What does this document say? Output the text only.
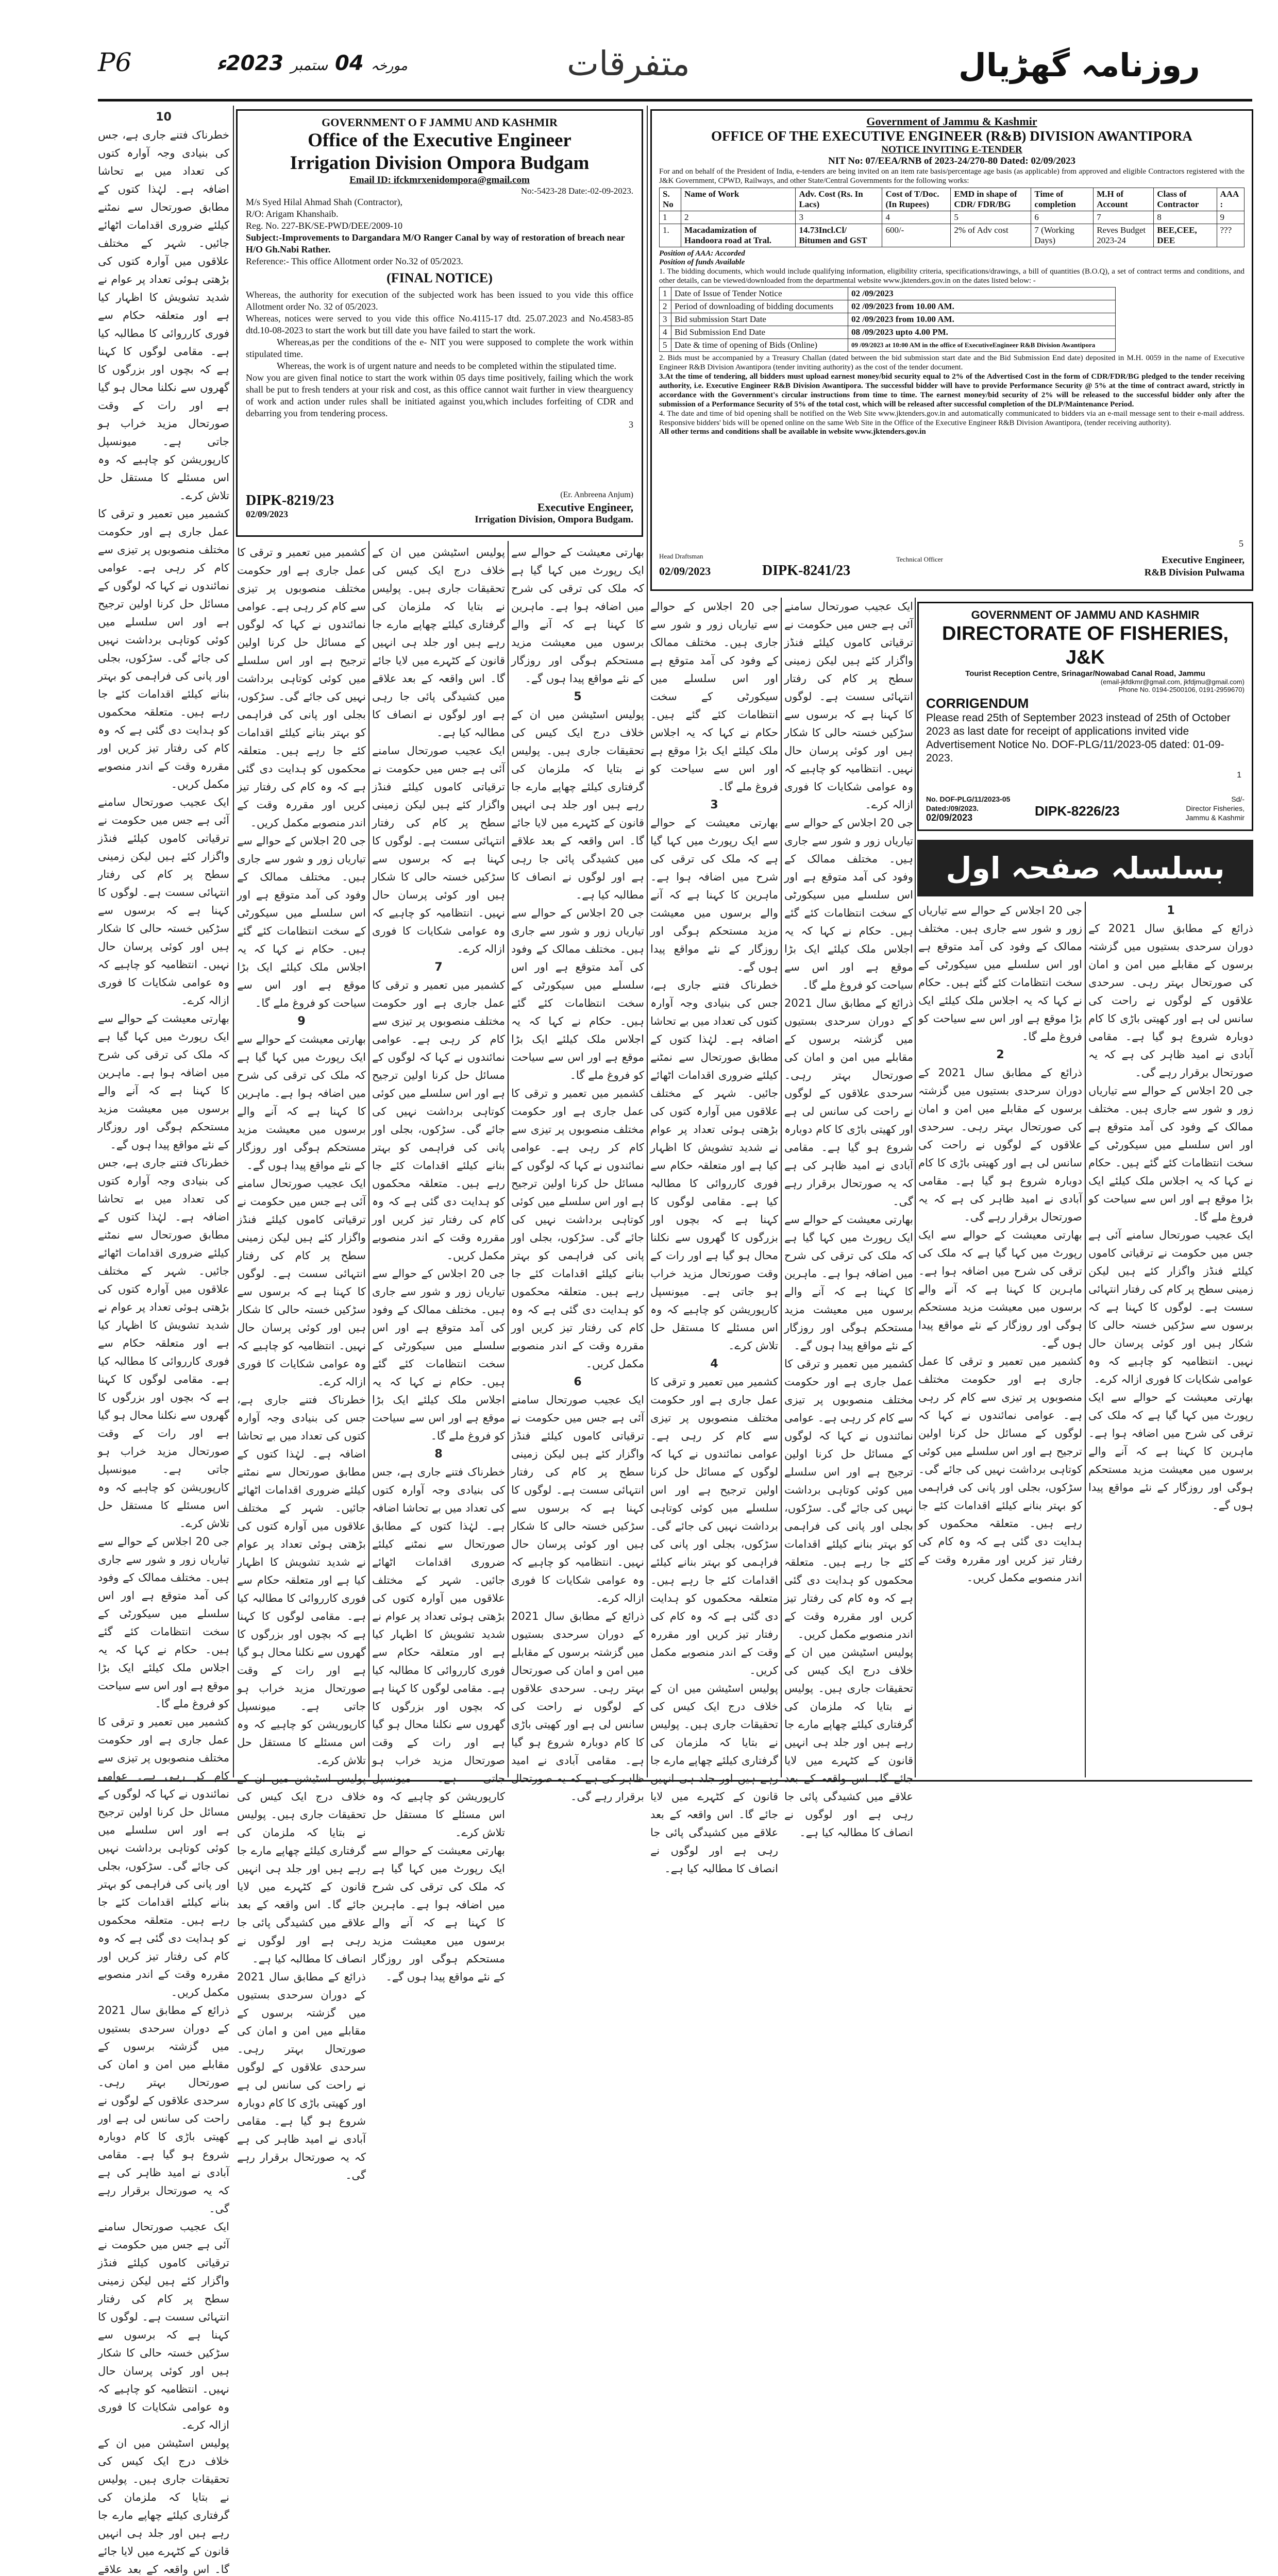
P6	مورخہ 04 ستمبر 2023ء	متفرقات	روزنامہ گھڑیال
GOVERNMENT O F JAMMU AND KASHMIR
Office of the Executive Engineer
Irrigation Division Ompora Budgam
Email ID: ifckmrxenidompora@gmail.com
No:-5423-28 Date:-02-09-2023.
M/s Syed Hilal Ahmad Shah (Contractor),
R/O: Arigam Khanshaib.
Reg. No. 227-BK/SE-PWD/DEE/2009-10
Subject:-Improvements to Dargandara M/O Ranger Canal by way of restoration of breach near H/O Gh.Nabi Rather.
Reference:- This office Allotment order No.32 of 05/2023.
(FINAL NOTICE)
Whereas, the authority for execution of the subjected work has been issued to you vide this office Allotment order No. 32 of 05/2023.
Whereas, notices were served to you vide this office No.4115-17 dtd. 25.07.2023 and No.4583-85 dtd.10-08-2023 to start the work but till date you have failed to start the work.
Whereas,as per the conditions of the e- NIT you were supposed to complete the work within stipulated time.
Whereas, the work is of urgent nature and needs to be completed within the stipulated time.
Now you are given final notice to start the work within 05 days time positively, failing which the work shall be put to fresh tenders at your risk and cost, as this office cannot wait further in view thearguency of work and action under rules shall be initiated against you,which includes forfeiting of CDR and debarring you from tendering process.
3
(Er. Anbreena Anjum)
Executive Engineer,
Irrigation Division, Ompora Budgam.
DIPK-8219/23
02/09/2023
Government of Jammu & Kashmir
OFFICE OF THE EXECUTIVE ENGINEER (R&B) DIVISION AWANTIPORA
NOTICE INVITING E-TENDER
NIT No: 07/EEA/RNB of 2023-24/270-80 Dated: 02/09/2023
For and on behalf of the President of India, e-tenders are being invited on an item rate basis/percentage age basis (as applicable) from approved and eligible Contractors registered with the J&K Government, CPWD, Railways, and other State/Central Governments for the following works:
S. No	Name of Work	Adv. Cost (Rs. In Lacs)	Cost of T/Doc. (In Rupees)	EMD in shape of CDR/ FDR/BG	Time of completion	M.H of Account	Class of Contractor	AAA :
1	2	3	4	5	6	7	8	9
1.	Macadamization of Handoora road at Tral.	14.73Incl.Cl/ Bitumen and GST	600/-	2% of Adv cost	7 (Working Days)	Reves Budget 2023-24	BEE,CEE, DEE	???
Position of AAA: Accorded
Position of funds Available
1. The bidding documents, which would include qualifying information, eligibility criteria, specifications/drawings, a bill of quantities (B.O.Q), a set of contract terms and conditions, and other details, can be viewed/downloaded from the departmental website www.jktenders.gov.in on the dates listed below: -
1	Date of Issue of Tender Notice	02 /09/2023
2	Period of downloading of bidding documents	02 /09/2023 from 10.00 AM.
3	Bid submission Start Date	02 /09/2023 from 10.00 AM.
4	Bid Submission End Date	08 /09/2023 upto 4.00 PM.
5	Date & time of opening of Bids (Online)	09 /09/2023 at 10:00 AM in the office of ExecutiveEngineer R&B Division Awantipora
2. Bids must be accompanied by a Treasury Challan (dated between the bid submission start date and the Bid Submission End date) deposited in M.H. 0059 in the name of Executive Engineer R&B Division Awantipora (tender inviting authority) as the cost of the tender document.
3.At the time of tendering, all bidders must upload earnest money/bid security equal to 2% of the Advertised Cost in the form of CDR/FDR/BG pledged to the tender receiving authority, i.e. Executive Engineer R&B Division Awantipora. The successful bidder will have to provide Performance Security @ 5% at the time of contract award, strictly in accordance with the Government's circular instructions from time to time. The earnest money/bid security of 2% will be released to the successful bidder only after the submission of a Performance Security of 5% of the total cost, which will be released after successful completion of the DLP/Maintenance Period.
4. The date and time of bid opening shall be notified on the Web Site www.jktenders.gov.in and automatically communicated to bidders via an e-mail message sent to their e-mail address. Responsive bidders' bids will be opened online on the same Web Site in the Office of the Executive Engineer R&B Division Awantipora, (tender receiving authority).
All other terms and conditions shall be available in website www.jktenders.gov.in
5
Head Draftsman	Technical Officer
02/09/2023	DIPK-8241/23
Executive Engineer,
R&B Division Pulwama
GOVERNMENT OF JAMMU AND KASHMIR
DIRECTORATE OF FISHERIES, J&K
Tourist Reception Centre, Srinagar/Nowabad Canal Road, Jammu
(email-jkfdkmr@gmail.com, jkfdjmu@gmail.com)
Phone No. 0194-2500106, 0191-2959670)
CORRIGENDUM
Please read 25th of September 2023 instead of 25th of October 2023 as last date for receipt of applications invited vide Advertisement Notice No. DOF-PLG/11/2023-05 dated: 01-09-2023.
1
No. DOF-PLG/11/2023-05
Dated:/09/2023.
02/09/2023	DIPK-8226/23
Sd/-
Director Fisheries,
Jammu & Kashmir
بسلسلہ صفحہ اول
10

خطرناک فتنے جاری ہے، جس کی بنیادی وجہ آوارہ کتوں کی تعداد میں بے تحاشا اضافہ ہے۔ لہٰذا کتوں کے مطابق صورتحال سے نمٹنے کیلئے ضروری اقدامات اٹھائے جائیں۔ شہر کے مختلف علاقوں میں آوارہ کتوں کی بڑھتی ہوئی تعداد پر عوام نے شدید تشویش کا اظہار کیا ہے اور متعلقہ حکام سے فوری کارروائی کا مطالبہ کیا ہے۔ مقامی لوگوں کا کہنا ہے کہ بچوں اور بزرگوں کا گھروں سے نکلنا محال ہو گیا ہے اور رات کے وقت صورتحال مزید خراب ہو جاتی ہے۔ میونسپل کارپوریشن کو چاہیے کہ وہ اس مسئلے کا مستقل حل تلاش کرے۔

کشمیر میں تعمیر و ترقی کا عمل جاری ہے اور حکومت مختلف منصوبوں پر تیزی سے کام کر رہی ہے۔ عوامی نمائندوں نے کہا کہ لوگوں کے مسائل حل کرنا اولین ترجیح ہے اور اس سلسلے میں کوئی کوتاہی برداشت نہیں کی جائے گی۔ سڑکوں، بجلی اور پانی کی فراہمی کو بہتر بنانے کیلئے اقدامات کئے جا رہے ہیں۔ متعلقہ محکموں کو ہدایت دی گئی ہے کہ وہ کام کی رفتار تیز کریں اور مقررہ وقت کے اندر منصوبے مکمل کریں۔

ایک عجیب صورتحال سامنے آئی ہے جس میں حکومت نے ترقیاتی کاموں کیلئے فنڈز واگزار کئے ہیں لیکن زمینی سطح پر کام کی رفتار انتہائی سست ہے۔ لوگوں کا کہنا ہے کہ برسوں سے سڑکیں خستہ حالی کا شکار ہیں اور کوئی پرسان حال نہیں۔ انتظامیہ کو چاہیے کہ وہ عوامی شکایات کا فوری ازالہ کرے۔

بھارتی معیشت کے حوالے سے ایک رپورٹ میں کہا گیا ہے کہ ملک کی ترقی کی شرح میں اضافہ ہوا ہے۔ ماہرین کا کہنا ہے کہ آنے والے برسوں میں معیشت مزید مستحکم ہوگی اور روزگار کے نئے مواقع پیدا ہوں گے۔

خطرناک فتنے جاری ہے، جس کی بنیادی وجہ آوارہ کتوں کی تعداد میں بے تحاشا اضافہ ہے۔ لہٰذا کتوں کے مطابق صورتحال سے نمٹنے کیلئے ضروری اقدامات اٹھائے جائیں۔ شہر کے مختلف علاقوں میں آوارہ کتوں کی بڑھتی ہوئی تعداد پر عوام نے شدید تشویش کا اظہار کیا ہے اور متعلقہ حکام سے فوری کارروائی کا مطالبہ کیا ہے۔ مقامی لوگوں کا کہنا ہے کہ بچوں اور بزرگوں کا گھروں سے نکلنا محال ہو گیا ہے اور رات کے وقت صورتحال مزید خراب ہو جاتی ہے۔ میونسپل کارپوریشن کو چاہیے کہ وہ اس مسئلے کا مستقل حل تلاش کرے۔

جی 20 اجلاس کے حوالے سے تیاریاں زور و شور سے جاری ہیں۔ مختلف ممالک کے وفود کی آمد متوقع ہے اور اس سلسلے میں سیکورٹی کے سخت انتظامات کئے گئے ہیں۔ حکام نے کہا کہ یہ اجلاس ملک کیلئے ایک بڑا موقع ہے اور اس سے سیاحت کو فروغ ملے گا۔

کشمیر میں تعمیر و ترقی کا عمل جاری ہے اور حکومت مختلف منصوبوں پر تیزی سے کام کر رہی ہے۔ عوامی نمائندوں نے کہا کہ لوگوں کے مسائل حل کرنا اولین ترجیح ہے اور اس سلسلے میں کوئی کوتاہی برداشت نہیں کی جائے گی۔ سڑکوں، بجلی اور پانی کی فراہمی کو بہتر بنانے کیلئے اقدامات کئے جا رہے ہیں۔ متعلقہ محکموں کو ہدایت دی گئی ہے کہ وہ کام کی رفتار تیز کریں اور مقررہ وقت کے اندر منصوبے مکمل کریں۔

ذرائع کے مطابق سال 2021 کے دوران سرحدی بستیوں میں گزشتہ برسوں کے مقابلے میں امن و امان کی صورتحال بہتر رہی۔ سرحدی علاقوں کے لوگوں نے راحت کی سانس لی ہے اور کھیتی باڑی کا کام دوبارہ شروع ہو گیا ہے۔ مقامی آبادی نے امید ظاہر کی ہے کہ یہ صورتحال برقرار رہے گی۔

ایک عجیب صورتحال سامنے آئی ہے جس میں حکومت نے ترقیاتی کاموں کیلئے فنڈز واگزار کئے ہیں لیکن زمینی سطح پر کام کی رفتار انتہائی سست ہے۔ لوگوں کا کہنا ہے کہ برسوں سے سڑکیں خستہ حالی کا شکار ہیں اور کوئی پرسان حال نہیں۔ انتظامیہ کو چاہیے کہ وہ عوامی شکایات کا فوری ازالہ کرے۔

پولیس اسٹیشن میں ان کے خلاف درج ایک کیس کی تحقیقات جاری ہیں۔ پولیس نے بتایا کہ ملزمان کی گرفتاری کیلئے چھاپے مارے جا رہے ہیں اور جلد ہی انہیں قانون کے کٹہرے میں لایا جائے گا۔ اس واقعہ کے بعد علاقے

کشمیر میں تعمیر و ترقی کا عمل جاری ہے اور حکومت مختلف منصوبوں پر تیزی سے کام کر رہی ہے۔ عوامی نمائندوں نے کہا کہ لوگوں کے مسائل حل کرنا اولین ترجیح ہے اور اس سلسلے میں کوئی کوتاہی برداشت نہیں کی جائے گی۔ سڑکوں، بجلی اور پانی کی فراہمی کو بہتر بنانے کیلئے اقدامات کئے جا رہے ہیں۔ متعلقہ محکموں کو ہدایت دی گئی ہے کہ وہ کام کی رفتار تیز کریں اور مقررہ وقت کے اندر منصوبے مکمل کریں۔

جی 20 اجلاس کے حوالے سے تیاریاں زور و شور سے جاری ہیں۔ مختلف ممالک کے وفود کی آمد متوقع ہے اور اس سلسلے میں سیکورٹی کے سخت انتظامات کئے گئے ہیں۔ حکام نے کہا کہ یہ اجلاس ملک کیلئے ایک بڑا موقع ہے اور اس سے سیاحت کو فروغ ملے گا۔

9

بھارتی معیشت کے حوالے سے ایک رپورٹ میں کہا گیا ہے کہ ملک کی ترقی کی شرح میں اضافہ ہوا ہے۔ ماہرین کا کہنا ہے کہ آنے والے برسوں میں معیشت مزید مستحکم ہوگی اور روزگار کے نئے مواقع پیدا ہوں گے۔

ایک عجیب صورتحال سامنے آئی ہے جس میں حکومت نے ترقیاتی کاموں کیلئے فنڈز واگزار کئے ہیں لیکن زمینی سطح پر کام کی رفتار انتہائی سست ہے۔ لوگوں کا کہنا ہے کہ برسوں سے سڑکیں خستہ حالی کا شکار ہیں اور کوئی پرسان حال نہیں۔ انتظامیہ کو چاہیے کہ وہ عوامی شکایات کا فوری ازالہ کرے۔

خطرناک فتنے جاری ہے، جس کی بنیادی وجہ آوارہ کتوں کی تعداد میں بے تحاشا اضافہ ہے۔ لہٰذا کتوں کے مطابق صورتحال سے نمٹنے کیلئے ضروری اقدامات اٹھائے جائیں۔ شہر کے مختلف علاقوں میں آوارہ کتوں کی بڑھتی ہوئی تعداد پر عوام نے شدید تشویش کا اظہار کیا ہے اور متعلقہ حکام سے فوری کارروائی کا مطالبہ کیا ہے۔ مقامی لوگوں کا کہنا ہے کہ بچوں اور بزرگوں کا گھروں سے نکلنا محال ہو گیا ہے اور رات کے وقت صورتحال مزید خراب ہو جاتی ہے۔ میونسپل کارپوریشن کو چاہیے کہ وہ اس مسئلے کا مستقل حل تلاش کرے۔

پولیس اسٹیشن میں ان کے خلاف درج ایک کیس کی تحقیقات جاری ہیں۔ پولیس نے بتایا کہ ملزمان کی گرفتاری کیلئے چھاپے مارے جا رہے ہیں اور جلد ہی انہیں قانون کے کٹہرے میں لایا جائے گا۔ اس واقعہ کے بعد علاقے میں کشیدگی پائی جا رہی ہے اور لوگوں نے انصاف کا مطالبہ کیا ہے۔

ذرائع کے مطابق سال 2021 کے دوران سرحدی بستیوں میں گزشتہ برسوں کے مقابلے میں امن و امان کی صورتحال بہتر رہی۔ سرحدی علاقوں کے لوگوں نے راحت کی سانس لی ہے اور کھیتی باڑی کا کام دوبارہ شروع ہو گیا ہے۔ مقامی آبادی نے امید ظاہر کی ہے کہ یہ صورتحال برقرار رہے گی۔

پولیس اسٹیشن میں ان کے خلاف درج ایک کیس کی تحقیقات جاری ہیں۔ پولیس نے بتایا کہ ملزمان کی گرفتاری کیلئے چھاپے مارے جا رہے ہیں اور جلد ہی انہیں قانون کے کٹہرے میں لایا جائے گا۔ اس واقعہ کے بعد علاقے میں کشیدگی پائی جا رہی ہے اور لوگوں نے انصاف کا مطالبہ کیا ہے۔

ایک عجیب صورتحال سامنے آئی ہے جس میں حکومت نے ترقیاتی کاموں کیلئے فنڈز واگزار کئے ہیں لیکن زمینی سطح پر کام کی رفتار انتہائی سست ہے۔ لوگوں کا کہنا ہے کہ برسوں سے سڑکیں خستہ حالی کا شکار ہیں اور کوئی پرسان حال نہیں۔ انتظامیہ کو چاہیے کہ وہ عوامی شکایات کا فوری ازالہ کرے۔

7

کشمیر میں تعمیر و ترقی کا عمل جاری ہے اور حکومت مختلف منصوبوں پر تیزی سے کام کر رہی ہے۔ عوامی نمائندوں نے کہا کہ لوگوں کے مسائل حل کرنا اولین ترجیح ہے اور اس سلسلے میں کوئی کوتاہی برداشت نہیں کی جائے گی۔ سڑکوں، بجلی اور پانی کی فراہمی کو بہتر بنانے کیلئے اقدامات کئے جا رہے ہیں۔ متعلقہ محکموں کو ہدایت دی گئی ہے کہ وہ کام کی رفتار تیز کریں اور مقررہ وقت کے اندر منصوبے مکمل کریں۔

جی 20 اجلاس کے حوالے سے تیاریاں زور و شور سے جاری ہیں۔ مختلف ممالک کے وفود کی آمد متوقع ہے اور اس سلسلے میں سیکورٹی کے سخت انتظامات کئے گئے ہیں۔ حکام نے کہا کہ یہ اجلاس ملک کیلئے ایک بڑا موقع ہے اور اس سے سیاحت کو فروغ ملے گا۔

8

خطرناک فتنے جاری ہے، جس کی بنیادی وجہ آوارہ کتوں کی تعداد میں بے تحاشا اضافہ ہے۔ لہٰذا کتوں کے مطابق صورتحال سے نمٹنے کیلئے ضروری اقدامات اٹھائے جائیں۔ شہر کے مختلف علاقوں میں آوارہ کتوں کی بڑھتی ہوئی تعداد پر عوام نے شدید تشویش کا اظہار کیا ہے اور متعلقہ حکام سے فوری کارروائی کا مطالبہ کیا ہے۔ مقامی لوگوں کا کہنا ہے کہ بچوں اور بزرگوں کا گھروں سے نکلنا محال ہو گیا ہے اور رات کے وقت صورتحال مزید خراب ہو جاتی ہے۔ میونسپل کارپوریشن کو چاہیے کہ وہ اس مسئلے کا مستقل حل تلاش کرے۔

بھارتی معیشت کے حوالے سے ایک رپورٹ میں کہا گیا ہے کہ ملک کی ترقی کی شرح میں اضافہ ہوا ہے۔ ماہرین کا کہنا ہے کہ آنے والے برسوں میں معیشت مزید مستحکم ہوگی اور روزگار کے نئے مواقع پیدا ہوں گے۔

بھارتی معیشت کے حوالے سے ایک رپورٹ میں کہا گیا ہے کہ ملک کی ترقی کی شرح میں اضافہ ہوا ہے۔ ماہرین کا کہنا ہے کہ آنے والے برسوں میں معیشت مزید مستحکم ہوگی اور روزگار کے نئے مواقع پیدا ہوں گے۔

5

پولیس اسٹیشن میں ان کے خلاف درج ایک کیس کی تحقیقات جاری ہیں۔ پولیس نے بتایا کہ ملزمان کی گرفتاری کیلئے چھاپے مارے جا رہے ہیں اور جلد ہی انہیں قانون کے کٹہرے میں لایا جائے گا۔ اس واقعہ کے بعد علاقے میں کشیدگی پائی جا رہی ہے اور لوگوں نے انصاف کا مطالبہ کیا ہے۔

جی 20 اجلاس کے حوالے سے تیاریاں زور و شور سے جاری ہیں۔ مختلف ممالک کے وفود کی آمد متوقع ہے اور اس سلسلے میں سیکورٹی کے سخت انتظامات کئے گئے ہیں۔ حکام نے کہا کہ یہ اجلاس ملک کیلئے ایک بڑا موقع ہے اور اس سے سیاحت کو فروغ ملے گا۔

کشمیر میں تعمیر و ترقی کا عمل جاری ہے اور حکومت مختلف منصوبوں پر تیزی سے کام کر رہی ہے۔ عوامی نمائندوں نے کہا کہ لوگوں کے مسائل حل کرنا اولین ترجیح ہے اور اس سلسلے میں کوئی کوتاہی برداشت نہیں کی جائے گی۔ سڑکوں، بجلی اور پانی کی فراہمی کو بہتر بنانے کیلئے اقدامات کئے جا رہے ہیں۔ متعلقہ محکموں کو ہدایت دی گئی ہے کہ وہ کام کی رفتار تیز کریں اور مقررہ وقت کے اندر منصوبے مکمل کریں۔

6

ایک عجیب صورتحال سامنے آئی ہے جس میں حکومت نے ترقیاتی کاموں کیلئے فنڈز واگزار کئے ہیں لیکن زمینی سطح پر کام کی رفتار انتہائی سست ہے۔ لوگوں کا کہنا ہے کہ برسوں سے سڑکیں خستہ حالی کا شکار ہیں اور کوئی پرسان حال نہیں۔ انتظامیہ کو چاہیے کہ وہ عوامی شکایات کا فوری ازالہ کرے۔

ذرائع کے مطابق سال 2021 کے دوران سرحدی بستیوں میں گزشتہ برسوں کے مقابلے میں امن و امان کی صورتحال بہتر رہی۔ سرحدی علاقوں کے لوگوں نے راحت کی سانس لی ہے اور کھیتی باڑی کا کام دوبارہ شروع ہو گیا ہے۔ مقامی آبادی نے امید ظاہر کی ہے کہ یہ صورتحال برقرار رہے گی۔

جی 20 اجلاس کے حوالے سے تیاریاں زور و شور سے جاری ہیں۔ مختلف ممالک کے وفود کی آمد متوقع ہے اور اس سلسلے میں سیکورٹی کے سخت انتظامات کئے گئے ہیں۔ حکام نے کہا کہ یہ اجلاس ملک کیلئے ایک بڑا موقع ہے اور اس سے سیاحت کو فروغ ملے گا۔

3

بھارتی معیشت کے حوالے سے ایک رپورٹ میں کہا گیا ہے کہ ملک کی ترقی کی شرح میں اضافہ ہوا ہے۔ ماہرین کا کہنا ہے کہ آنے والے برسوں میں معیشت مزید مستحکم ہوگی اور روزگار کے نئے مواقع پیدا ہوں گے۔

خطرناک فتنے جاری ہے، جس کی بنیادی وجہ آوارہ کتوں کی تعداد میں بے تحاشا اضافہ ہے۔ لہٰذا کتوں کے مطابق صورتحال سے نمٹنے کیلئے ضروری اقدامات اٹھائے جائیں۔ شہر کے مختلف علاقوں میں آوارہ کتوں کی بڑھتی ہوئی تعداد پر عوام نے شدید تشویش کا اظہار کیا ہے اور متعلقہ حکام سے فوری کارروائی کا مطالبہ کیا ہے۔ مقامی لوگوں کا کہنا ہے کہ بچوں اور بزرگوں کا گھروں سے نکلنا محال ہو گیا ہے اور رات کے وقت صورتحال مزید خراب ہو جاتی ہے۔ میونسپل کارپوریشن کو چاہیے کہ وہ اس مسئلے کا مستقل حل تلاش کرے۔

4

کشمیر میں تعمیر و ترقی کا عمل جاری ہے اور حکومت مختلف منصوبوں پر تیزی سے کام کر رہی ہے۔ عوامی نمائندوں نے کہا کہ لوگوں کے مسائل حل کرنا اولین ترجیح ہے اور اس سلسلے میں کوئی کوتاہی برداشت نہیں کی جائے گی۔ سڑکوں، بجلی اور پانی کی فراہمی کو بہتر بنانے کیلئے اقدامات کئے جا رہے ہیں۔ متعلقہ محکموں کو ہدایت دی گئی ہے کہ وہ کام کی رفتار تیز کریں اور مقررہ وقت کے اندر منصوبے مکمل کریں۔

پولیس اسٹیشن میں ان کے خلاف درج ایک کیس کی تحقیقات جاری ہیں۔ پولیس نے بتایا کہ ملزمان کی گرفتاری کیلئے چھاپے مارے جا رہے ہیں اور جلد ہی انہیں قانون کے کٹہرے میں لایا جائے گا۔ اس واقعہ کے بعد علاقے میں کشیدگی پائی جا رہی ہے اور لوگوں نے انصاف کا مطالبہ کیا ہے۔

ایک عجیب صورتحال سامنے آئی ہے جس میں حکومت نے ترقیاتی کاموں کیلئے فنڈز واگزار کئے ہیں لیکن زمینی سطح پر کام کی رفتار انتہائی سست ہے۔ لوگوں کا کہنا ہے کہ برسوں سے سڑکیں خستہ حالی کا شکار ہیں اور کوئی پرسان حال نہیں۔ انتظامیہ کو چاہیے کہ وہ عوامی شکایات کا فوری ازالہ کرے۔

جی 20 اجلاس کے حوالے سے تیاریاں زور و شور سے جاری ہیں۔ مختلف ممالک کے وفود کی آمد متوقع ہے اور اس سلسلے میں سیکورٹی کے سخت انتظامات کئے گئے ہیں۔ حکام نے کہا کہ یہ اجلاس ملک کیلئے ایک بڑا موقع ہے اور اس سے سیاحت کو فروغ ملے گا۔

ذرائع کے مطابق سال 2021 کے دوران سرحدی بستیوں میں گزشتہ برسوں کے مقابلے میں امن و امان کی صورتحال بہتر رہی۔ سرحدی علاقوں کے لوگوں نے راحت کی سانس لی ہے اور کھیتی باڑی کا کام دوبارہ شروع ہو گیا ہے۔ مقامی آبادی نے امید ظاہر کی ہے کہ یہ صورتحال برقرار رہے گی۔

بھارتی معیشت کے حوالے سے ایک رپورٹ میں کہا گیا ہے کہ ملک کی ترقی کی شرح میں اضافہ ہوا ہے۔ ماہرین کا کہنا ہے کہ آنے والے برسوں میں معیشت مزید مستحکم ہوگی اور روزگار کے نئے مواقع پیدا ہوں گے۔

کشمیر میں تعمیر و ترقی کا عمل جاری ہے اور حکومت مختلف منصوبوں پر تیزی سے کام کر رہی ہے۔ عوامی نمائندوں نے کہا کہ لوگوں کے مسائل حل کرنا اولین ترجیح ہے اور اس سلسلے میں کوئی کوتاہی برداشت نہیں کی جائے گی۔ سڑکوں، بجلی اور پانی کی فراہمی کو بہتر بنانے کیلئے اقدامات کئے جا رہے ہیں۔ متعلقہ محکموں کو ہدایت دی گئی ہے کہ وہ کام کی رفتار تیز کریں اور مقررہ وقت کے اندر منصوبے مکمل کریں۔

پولیس اسٹیشن میں ان کے خلاف درج ایک کیس کی تحقیقات جاری ہیں۔ پولیس نے بتایا کہ ملزمان کی گرفتاری کیلئے چھاپے مارے جا رہے ہیں اور جلد ہی انہیں قانون کے کٹہرے میں لایا جائے گا۔ اس واقعہ کے بعد علاقے میں کشیدگی پائی جا رہی ہے اور لوگوں نے انصاف کا مطالبہ کیا ہے۔

جی 20 اجلاس کے حوالے سے تیاریاں زور و شور سے جاری ہیں۔ مختلف ممالک کے وفود کی آمد متوقع ہے اور اس سلسلے میں سیکورٹی کے سخت انتظامات کئے گئے ہیں۔ حکام نے کہا کہ یہ اجلاس ملک کیلئے ایک بڑا موقع ہے اور اس سے سیاحت کو فروغ ملے گا۔

2

ذرائع کے مطابق سال 2021 کے دوران سرحدی بستیوں میں گزشتہ برسوں کے مقابلے میں امن و امان کی صورتحال بہتر رہی۔ سرحدی علاقوں کے لوگوں نے راحت کی سانس لی ہے اور کھیتی باڑی کا کام دوبارہ شروع ہو گیا ہے۔ مقامی آبادی نے امید ظاہر کی ہے کہ یہ صورتحال برقرار رہے گی۔

بھارتی معیشت کے حوالے سے ایک رپورٹ میں کہا گیا ہے کہ ملک کی ترقی کی شرح میں اضافہ ہوا ہے۔ ماہرین کا کہنا ہے کہ آنے والے برسوں میں معیشت مزید مستحکم ہوگی اور روزگار کے نئے مواقع پیدا ہوں گے۔

کشمیر میں تعمیر و ترقی کا عمل جاری ہے اور حکومت مختلف منصوبوں پر تیزی سے کام کر رہی ہے۔ عوامی نمائندوں نے کہا کہ لوگوں کے مسائل حل کرنا اولین ترجیح ہے اور اس سلسلے میں کوئی کوتاہی برداشت نہیں کی جائے گی۔ سڑکوں، بجلی اور پانی کی فراہمی کو بہتر بنانے کیلئے اقدامات کئے جا رہے ہیں۔ متعلقہ محکموں کو ہدایت دی گئی ہے کہ وہ کام کی رفتار تیز کریں اور مقررہ وقت کے اندر منصوبے مکمل کریں۔

1

ذرائع کے مطابق سال 2021 کے دوران سرحدی بستیوں میں گزشتہ برسوں کے مقابلے میں امن و امان کی صورتحال بہتر رہی۔ سرحدی علاقوں کے لوگوں نے راحت کی سانس لی ہے اور کھیتی باڑی کا کام دوبارہ شروع ہو گیا ہے۔ مقامی آبادی نے امید ظاہر کی ہے کہ یہ صورتحال برقرار رہے گی۔

جی 20 اجلاس کے حوالے سے تیاریاں زور و شور سے جاری ہیں۔ مختلف ممالک کے وفود کی آمد متوقع ہے اور اس سلسلے میں سیکورٹی کے سخت انتظامات کئے گئے ہیں۔ حکام نے کہا کہ یہ اجلاس ملک کیلئے ایک بڑا موقع ہے اور اس سے سیاحت کو فروغ ملے گا۔

ایک عجیب صورتحال سامنے آئی ہے جس میں حکومت نے ترقیاتی کاموں کیلئے فنڈز واگزار کئے ہیں لیکن زمینی سطح پر کام کی رفتار انتہائی سست ہے۔ لوگوں کا کہنا ہے کہ برسوں سے سڑکیں خستہ حالی کا شکار ہیں اور کوئی پرسان حال نہیں۔ انتظامیہ کو چاہیے کہ وہ عوامی شکایات کا فوری ازالہ کرے۔

بھارتی معیشت کے حوالے سے ایک رپورٹ میں کہا گیا ہے کہ ملک کی ترقی کی شرح میں اضافہ ہوا ہے۔ ماہرین کا کہنا ہے کہ آنے والے برسوں میں معیشت مزید مستحکم ہوگی اور روزگار کے نئے مواقع پیدا ہوں گے۔
